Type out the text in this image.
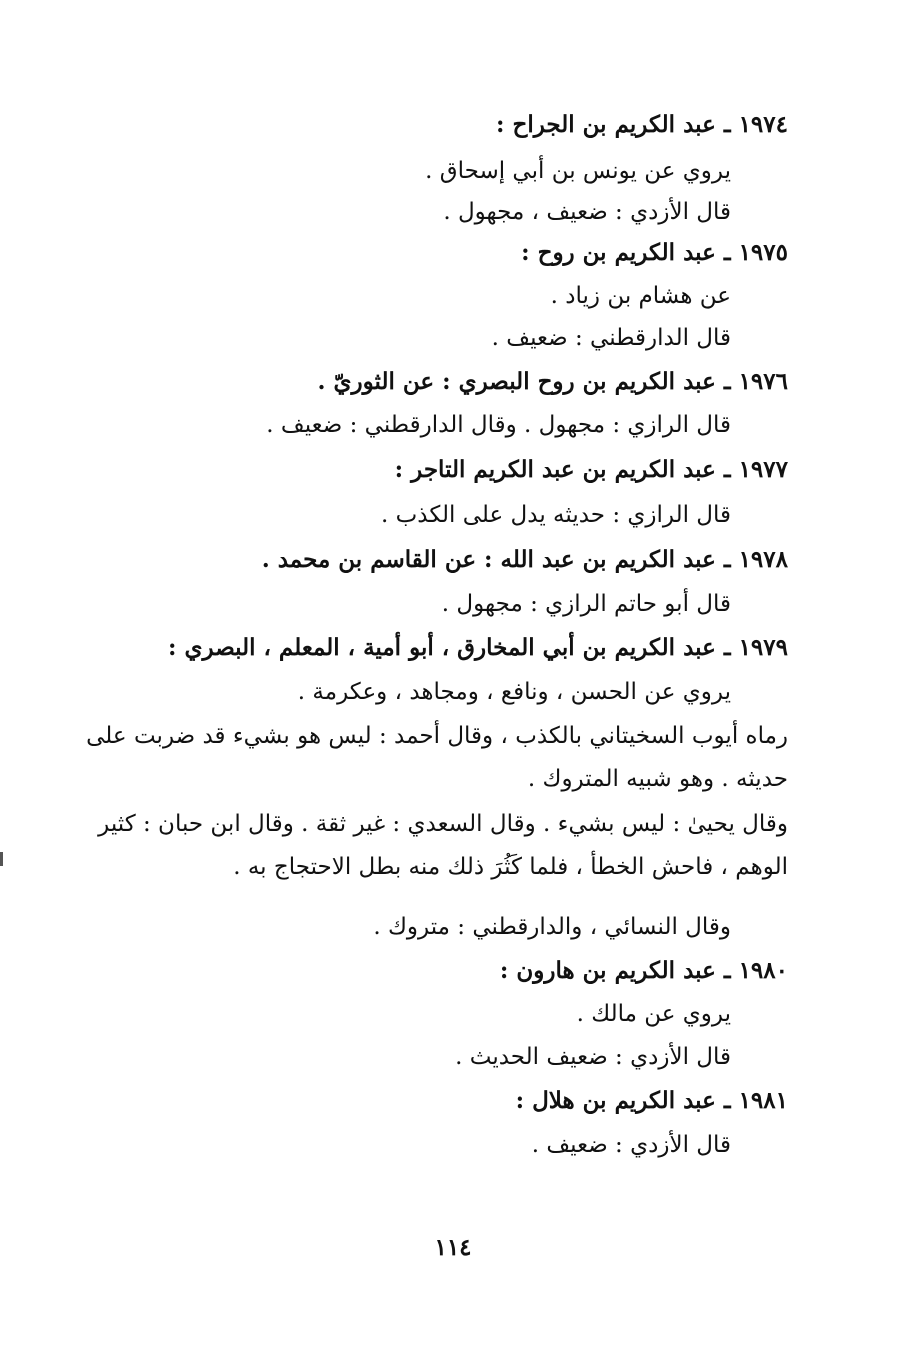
١٩٧٤ ـ عبد الكريم بن الجراح :
يروي عن يونس بن أبي إسحاق .
قال الأزدي : ضعيف ، مجهول .
١٩٧٥ ـ عبد الكريم بن روح :
عن هشام بن زياد .
قال الدارقطني : ضعيف .
١٩٧٦ ـ عبد الكريم بن روح البصري : عن الثوريّ .
قال الرازي : مجهول . وقال الدارقطني : ضعيف .
١٩٧٧ ـ عبد الكريم بن عبد الكريم التاجر :
قال الرازي : حديثه يدل على الكذب .
١٩٧٨ ـ عبد الكريم بن عبد الله : عن القاسم بن محمد .
قال أبو حاتم الرازي : مجهول .
١٩٧٩ ـ عبد الكريم بن أبي المخارق ، أبو أمية ، المعلم ، البصري :
يروي عن الحسن ، ونافع ، ومجاهد ، وعكرمة .
رماه أيوب السخيتاني بالكذب ، وقال أحمد : ليس هو بشيء قد ضربت على
حديثه . وهو شبيه المتروك .
وقال يحيىٰ : ليس بشيء . وقال السعدي : غير ثقة . وقال ابن حبان : كثير
الوهم ، فاحش الخطأ ، فلما كَثُرَ ذلك منه بطل الاحتجاج به .
وقال النسائي ، والدارقطني : متروك .
١٩٨٠ ـ عبد الكريم بن هارون :
يروي عن مالك .
قال الأزدي : ضعيف الحديث .
١٩٨١ ـ عبد الكريم بن هلال :
قال الأزدي : ضعيف .
١١٤
